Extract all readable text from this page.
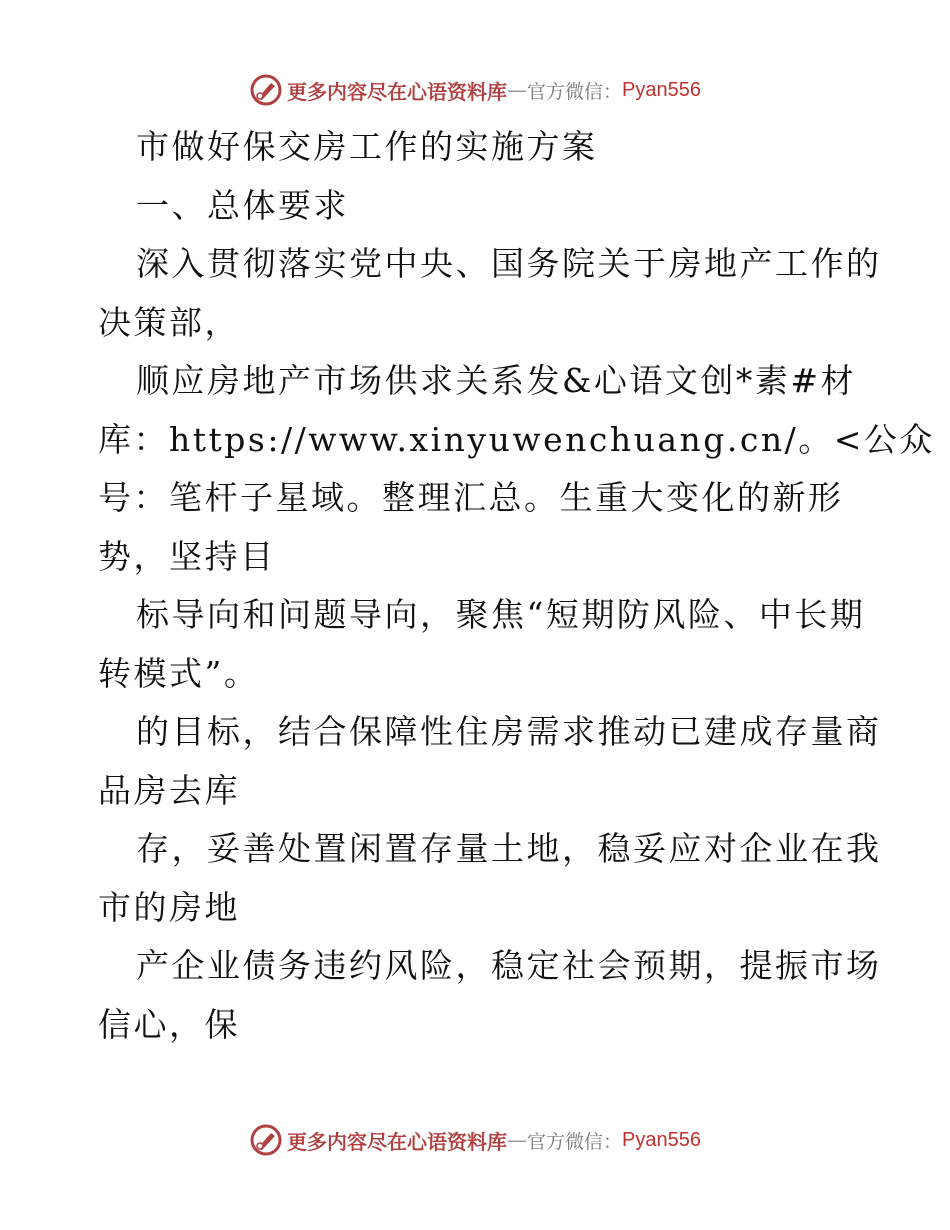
更多内容尽在心语资料库 — 官方微信： Pyan556
市做好保交房工作的实施方案
一、总体要求
深入贯彻落实党中央、国务院关于房地产工作的
决策部，
顺应房地产市场供求关系发&心语文创*素#材
库：https://www.xinyuwenchuang.cn/。<公众
号：笔杆子星域。整理汇总。生重大变化的新形
势，坚持目
标导向和问题导向，聚焦“短期防风险、中长期
转模式”。
的目标，结合保障性住房需求推动已建成存量商
品房去库
存，妥善处置闲置存量土地，稳妥应对企业在我
市的房地
产企业债务违约风险，稳定社会预期，提振市场
信心，保
更多内容尽在心语资料库 — 官方微信： Pyan556
